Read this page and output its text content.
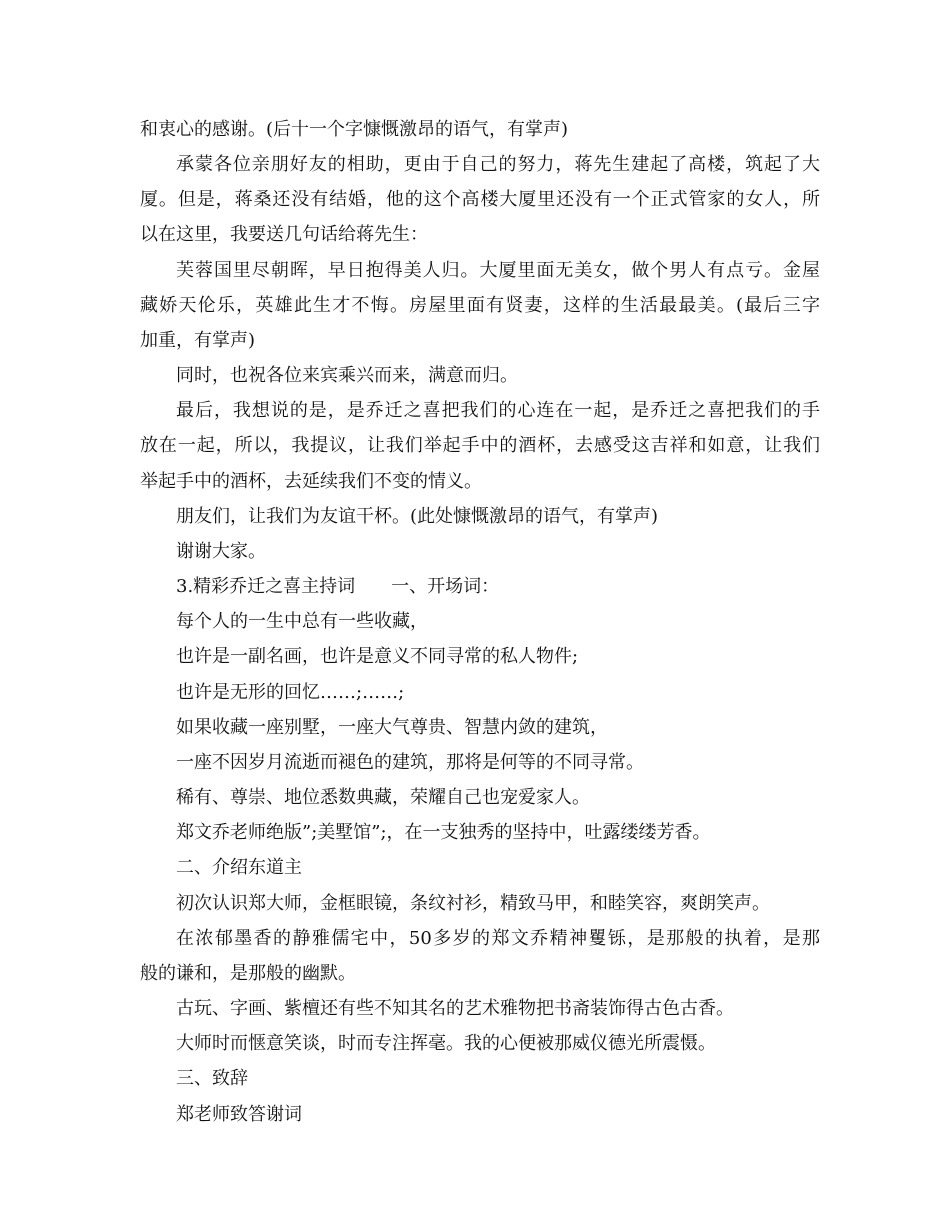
和衷心的感谢。(后十一个字慷慨激昂的语气，有掌声)
承蒙各位亲朋好友的相助，更由于自己的努力，蒋先生建起了高楼，筑起了大
厦。但是，蒋桑还没有结婚，他的这个高楼大厦里还没有一个正式管家的女人，所
以在这里，我要送几句话给蒋先生：
芙蓉国里尽朝晖，早日抱得美人归。大厦里面无美女，做个男人有点亏。金屋
藏娇天伦乐，英雄此生才不悔。房屋里面有贤妻，这样的生活最最美。(最后三字
加重，有掌声)
同时，也祝各位来宾乘兴而来，满意而归。
最后，我想说的是，是乔迁之喜把我们的心连在一起，是乔迁之喜把我们的手
放在一起，所以，我提议，让我们举起手中的酒杯，去感受这吉祥和如意，让我们
举起手中的酒杯，去延续我们不变的情义。
朋友们，让我们为友谊干杯。(此处慷慨激昂的语气，有掌声)
谢谢大家。
3.精彩乔迁之喜主持词　　一、开场词：
每个人的一生中总有一些收藏，
也许是一副名画，也许是意义不同寻常的私人物件;
也许是无形的回忆……;……;
如果收藏一座别墅，一座大气尊贵、智慧内敛的建筑，
一座不因岁月流逝而褪色的建筑，那将是何等的不同寻常。
稀有、尊崇、地位悉数典藏，荣耀自己也宠爱家人。
郑文乔老师绝版”;美墅馆”;，在一支独秀的坚持中，吐露缕缕芳香。
二、介绍东道主
初次认识郑大师，金框眼镜，条纹衬衫，精致马甲，和睦笑容，爽朗笑声。
在浓郁墨香的静雅儒宅中，50多岁的郑文乔精神矍铄，是那般的执着，是那
般的谦和，是那般的幽默。
古玩、字画、紫檀还有些不知其名的艺术雅物把书斋装饰得古色古香。
大师时而惬意笑谈，时而专注挥毫。我的心便被那威仪德光所震慑。
三、致辞
郑老师致答谢词
